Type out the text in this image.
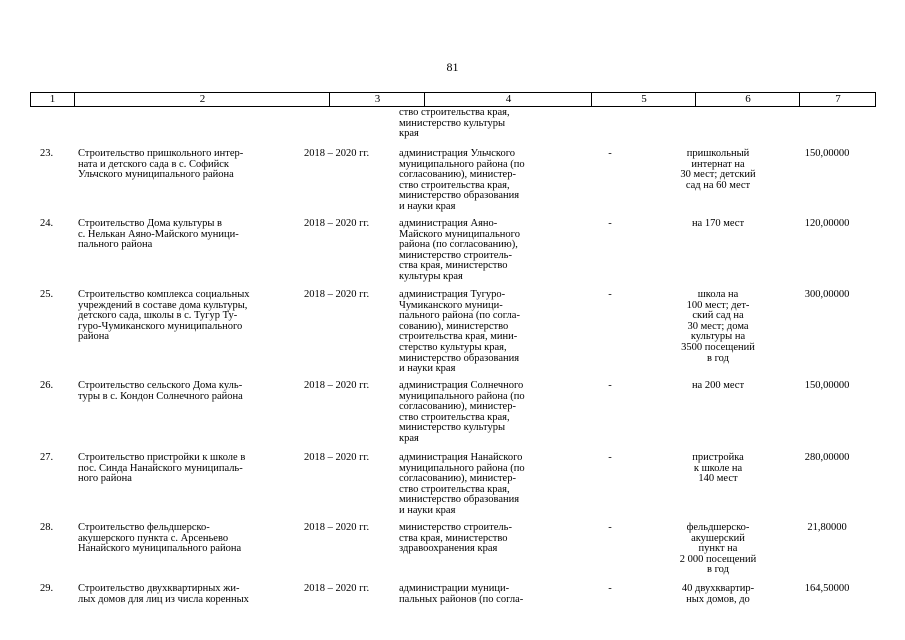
81
1	2	3	4	5	6	7
ство строительства края,
министерство культуры
края
23.	Строительство пришкольного интер-
ната и детского сада в с. Софийск
Ульчского муниципального района
2018 – 2020 гг.	администрация Ульчского
муниципального района (по
согласованию), министер-
ство строительства края,
министерство образования
и науки края
-	пришкольный
интернат на
30 мест; детский
сад на 60 мест
150,00000
24.	Строительство Дома культуры в
с. Нелькан Аяно-Майского муници-
пального района
2018 – 2020 гг.	администрация Аяно-
Майского муниципального
района (по согласованию),
министерство строитель-
ства края, министерство
культуры края
-	на 170 мест	120,00000
25.	Строительство комплекса социальных
учреждений в составе дома культуры,
детского сада, школы в с. Тугур Ту-
гуро-Чумиканского муниципального
района
2018 – 2020 гг.	администрация Тугуро-
Чумиканского муници-
пального района (по согла-
сованию), министерство
строительства края, мини-
стерство культуры края,
министерство образования
и науки края
-	школа на
100 мест; дет-
ский сад на
30 мест; дома
культуры на
3500 посещений
в год
300,00000
26.	Строительство сельского Дома куль-
туры в с. Кондон Солнечного района
2018 – 2020 гг.	администрация Солнечного
муниципального района (по
согласованию), министер-
ство строительства края,
министерство культуры
края
-	на 200 мест	150,00000
27.	Строительство пристройки к школе в
пос. Синда Нанайского муниципаль-
ного района
2018 – 2020 гг.	администрация Нанайского
муниципального района (по
согласованию), министер-
ство строительства края,
министерство образования
и науки края
-	пристройка
к школе на
140 мест
280,00000
28.	Строительство фельдшерско-
акушерского пункта с. Арсеньево
Нанайского муниципального района
2018 – 2020 гг.	министерство строитель-
ства края, министерство
здравоохранения края
-	фельдшерско-
акушерский
пункт на
2 000 посещений
в год
21,80000
29.	Строительство двухквартирных жи-
лых домов для лиц из числа коренных
2018 – 2020 гг.	администрации муници-
пальных районов (по согла-
-	40 двухквартир-
ных домов, до
164,50000
